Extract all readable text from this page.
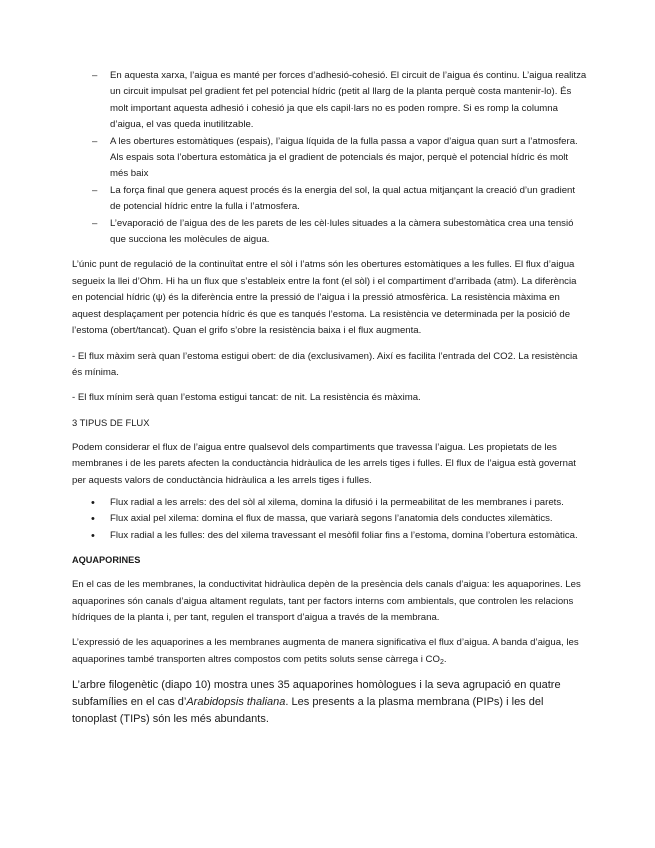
– En aquesta xarxa, l’aigua es manté per forces d’adhesió-cohesió. El circuit de l’aigua és continu. L’aigua realitza un circuit impulsat pel gradient fet pel potencial hídric (petit al llarg de la planta perquè costa mantenir-lo). És molt important aquesta adhesió i cohesió ja que els capil·lars no es poden rompre. Si es romp la columna d’aigua, el vas queda inutilitzable.
– A les obertures estomàtiques (espais), l’aigua líquida de la fulla passa a vapor d’aigua quan surt a l’atmosfera. Als espais sota l’obertura estomàtica ja el gradient de potencials és major, perquè el potencial hídric és molt més baix
– La força final que genera aquest procés és la energia del sol, la qual actua mitjançant la creació d’un gradient de potencial hídric entre la fulla i l’atmosfera.
– L’evaporació de l’aigua des de les parets de les cèl·lules situades a la càmera subestomàtica crea una tensió que succiona les molècules de aigua.

L’únic punt de regulació de la continuïtat entre el sòl i l’atms són les obertures estomàtiques a les fulles. El flux d’aigua segueix la llei d’Ohm. Hi ha un flux que s’estableix entre la font (el sòl) i el compartiment d’arribada (atm). La diferència en potencial hídric (ψ) és la diferència entre la pressió de l’aigua i la pressió atmosfèrica. La resistència màxima en aquest desplaçament per potencia hídric és que es tanqués l’estoma. La resistència ve determinada per la posició de l’estoma (obert/tancat). Quan el grifo s’obre la resistència baixa i el flux augmenta.

- El flux màxim serà quan l’estoma estigui obert: de dia (exclusivamen). Així es facilita l’entrada del CO2. La resistència és mínima.

- El flux mínim serà quan l’estoma estigui tancat: de nit. La resistència és màxima.

3 TIPUS DE FLUX

Podem considerar el flux de l’aigua entre qualsevol dels compartiments que travessa l’aigua. Les propietats de les membranes i de les parets afecten la conductància hidràulica de les arrels tiges i fulles. El flux de l’aigua està governat per aquests valors de conductància hidràulica a les arrels tiges i fulles.

• Flux radial a les arrels: des del sòl al xilema, domina la difusió i la permeabilitat de les membranes i parets.
• Flux axial pel xilema: domina el flux de massa, que variarà segons l’anatomia dels conductes xilemàtics.
• Flux radial a les fulles: des del xilema travessant el mesòfil foliar fins a l’estoma, domina l’obertura estomàtica.

AQUAPORINES

En el cas de les membranes, la conductivitat hidràulica depèn de la presència dels canals d’aigua: les aquaporines. Les aquaporines són canals d’aigua altament regulats, tant per factors interns com ambientals, que controlen les relacions hídriques de la planta i, per tant, regulen el transport d’aigua a través de la membrana.

L’expressió de les aquaporines a les membranes augmenta de manera significativa el flux d’aigua. A banda d’aigua, les aquaporines també transporten altres compostos com petits soluts sense càrrega i $CO_2$.

L’arbre filogenètic (diapo 10) mostra unes 35 aquaporines homòlogues i la seva agrupació en quatre subfamílies en el cas d’Arabidopsis thaliana. Les presents a la plasma membrana (PIPs) i les del tonoplast (TIPs) són les més abundants.
